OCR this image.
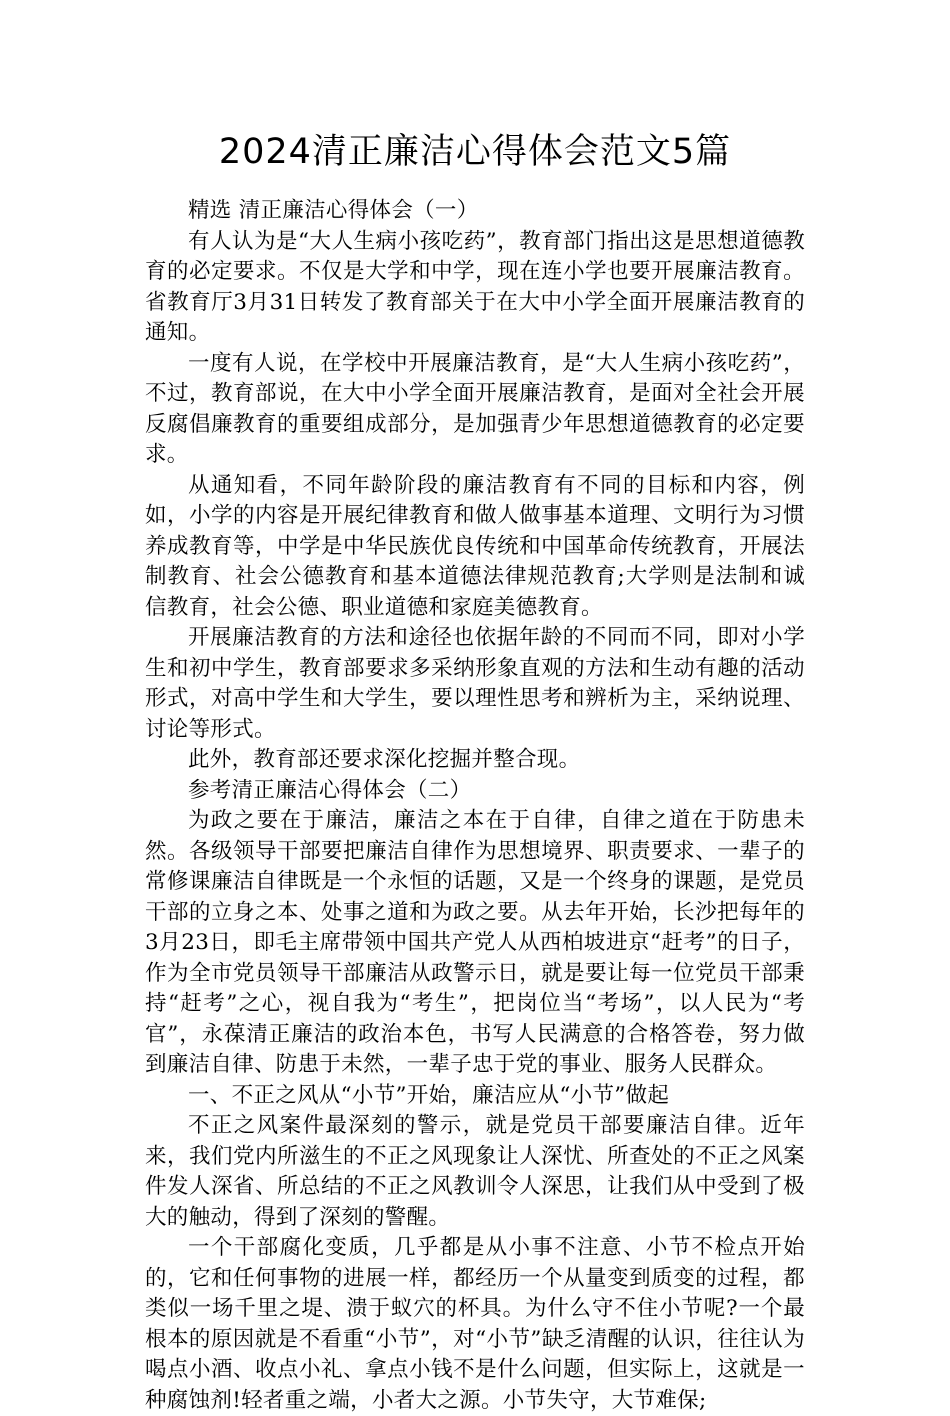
2024清正廉洁心得体会范文5篇

精选 清正廉洁心得体会（一）

有人认为是“大人生病小孩吃药”，教育部门指出这是思想道德教育的必定要求。不仅是大学和中学，现在连小学也要开展廉洁教育。省教育厅3月31日转发了教育部关于在大中小学全面开展廉洁教育的通知。

一度有人说，在学校中开展廉洁教育，是“大人生病小孩吃药”，不过，教育部说，在大中小学全面开展廉洁教育，是面对全社会开展反腐倡廉教育的重要组成部分，是加强青少年思想道德教育的必定要求。

从通知看，不同年龄阶段的廉洁教育有不同的目标和内容，例如，小学的内容是开展纪律教育和做人做事基本道理、文明行为习惯养成教育等，中学是中华民族优良传统和中国革命传统教育，开展法制教育、社会公德教育和基本道德法律规范教育;大学则是法制和诚信教育，社会公德、职业道德和家庭美德教育。

开展廉洁教育的方法和途径也依据年龄的不同而不同，即对小学生和初中学生，教育部要求多采纳形象直观的方法和生动有趣的活动形式，对高中学生和大学生，要以理性思考和辨析为主，采纳说理、讨论等形式。

此外，教育部还要求深化挖掘并整合现。

参考清正廉洁心得体会（二）

为政之要在于廉洁，廉洁之本在于自律，自律之道在于防患未然。各级领导干部要把廉洁自律作为思想境界、职责要求、一辈子的常修课廉洁自律既是一个永恒的话题，又是一个终身的课题，是党员干部的立身之本、处事之道和为政之要。从去年开始，长沙把每年的3月23日，即毛主席带领中国共产党人从西柏坡进京“赶考”的日子，作为全市党员领导干部廉洁从政警示日，就是要让每一位党员干部秉持“赶考”之心，视自我为“考生”，把岗位当“考场”，以人民为“考官”，永葆清正廉洁的政治本色，书写人民满意的合格答卷，努力做到廉洁自律、防患于未然，一辈子忠于党的事业、服务人民群众。

一、不正之风从“小节”开始，廉洁应从“小节”做起

不正之风案件最深刻的警示，就是党员干部要廉洁自律。近年来，我们党内所滋生的不正之风现象让人深忧、所查处的不正之风案件发人深省、所总结的不正之风教训令人深思，让我们从中受到了极大的触动，得到了深刻的警醒。

一个干部腐化变质，几乎都是从小事不注意、小节不检点开始的，它和任何事物的进展一样，都经历一个从量变到质变的过程，都类似一场千里之堤、溃于蚁穴的杯具。为什么守不住小节呢?一个最根本的原因就是不看重“小节”，对“小节”缺乏清醒的认识，往往认为喝点小酒、收点小礼、拿点小钱不是什么问题，但实际上，这就是一种腐蚀剂!轻者重之端，小者大之源。小节失守，大节难保;
